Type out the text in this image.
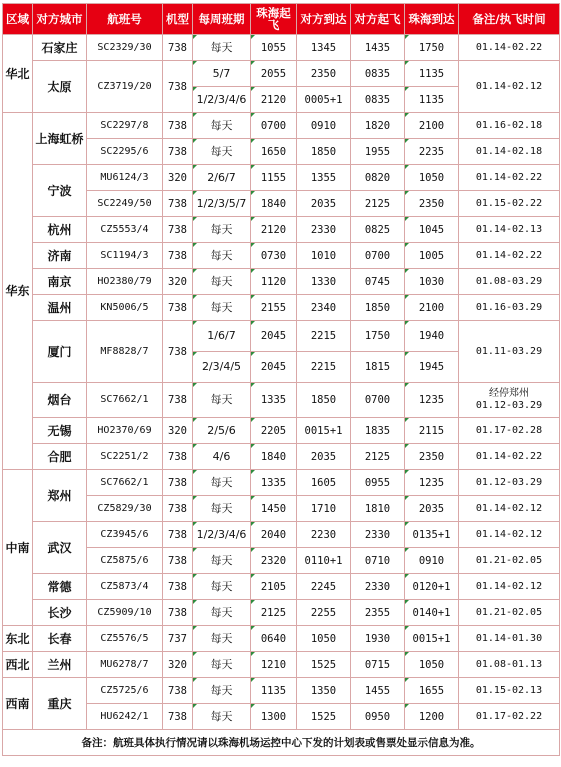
区域	对方城市	航班号	机型	每周班期	珠海起飞	对方到达	对方起飞	珠海到达	备注/执飞时间
华北	石家庄	SC2329/30	738	每天	1055	1345	1435	1750	01.14-02.22
	太原	CZ3719/20	738	5/7	2055	2350	0835	1135	01.14-02.12
				1/2/3/4/6	2120	0005+1	0835	1135	
华东	上海虹桥	SC2297/8	738	每天	0700	0910	1820	2100	01.16-02.18
		SC2295/6	738	每天	1650	1850	1955	2235	01.14-02.18
	宁波	MU6124/3	320	2/6/7	1155	1355	0820	1050	01.14-02.22
		SC2249/50	738	1/2/3/5/7	1840	2035	2125	2350	01.15-02.22
	杭州	CZ5553/4	738	每天	2120	2330	0825	1045	01.14-02.13
	济南	SC1194/3	738	每天	0730	1010	0700	1005	01.14-02.22
	南京	HO2380/79	320	每天	1120	1330	0745	1030	01.08-03.29
	温州	KN5006/5	738	每天	2155	2340	1850	2100	01.16-03.29
	厦门	MF8828/7	738	1/6/7	2045	2215	1750	1940	01.11-03.29
				2/3/4/5	2045	2215	1815	1945	
	烟台	SC7662/1	738	每天	1335	1850	0700	1235	经停郑州
01.12-03.29

	无锡	HO2370/69	320	2/5/6	2205	0015+1	1835	2115	01.17-02.28
	合肥	SC2251/2	738	4/6	1840	2035	2125	2350	01.14-02.22
中南	郑州	SC7662/1	738	每天	1335	1605	0955	1235	01.12-03.29
		CZ5829/30	738	每天	1450	1710	1810	2035	01.14-02.12
	武汉	CZ3945/6	738	1/2/3/4/6	2040	2230	2330	0135+1	01.14-02.12
		CZ5875/6	738	每天	2320	0110+1	0710	0910	01.21-02.05
	常德	CZ5873/4	738	每天	2105	2245	2330	0120+1	01.14-02.12
	长沙	CZ5909/10	738	每天	2125	2255	2355	0140+1	01.21-02.05
东北	长春	CZ5576/5	737	每天	0640	1050	1930	0015+1	01.14-01.30
西北	兰州	MU6278/7	320	每天	1210	1525	0715	1050	01.08-01.13
西南	重庆	CZ5725/6	738	每天	1135	1350	1455	1655	01.15-02.13
		HU6242/1	738	每天	1300	1525	0950	1200	01.17-02.22
备注：航班具体执行情况请以珠海机场运控中心下发的计划表或售票处显示信息为准。									
